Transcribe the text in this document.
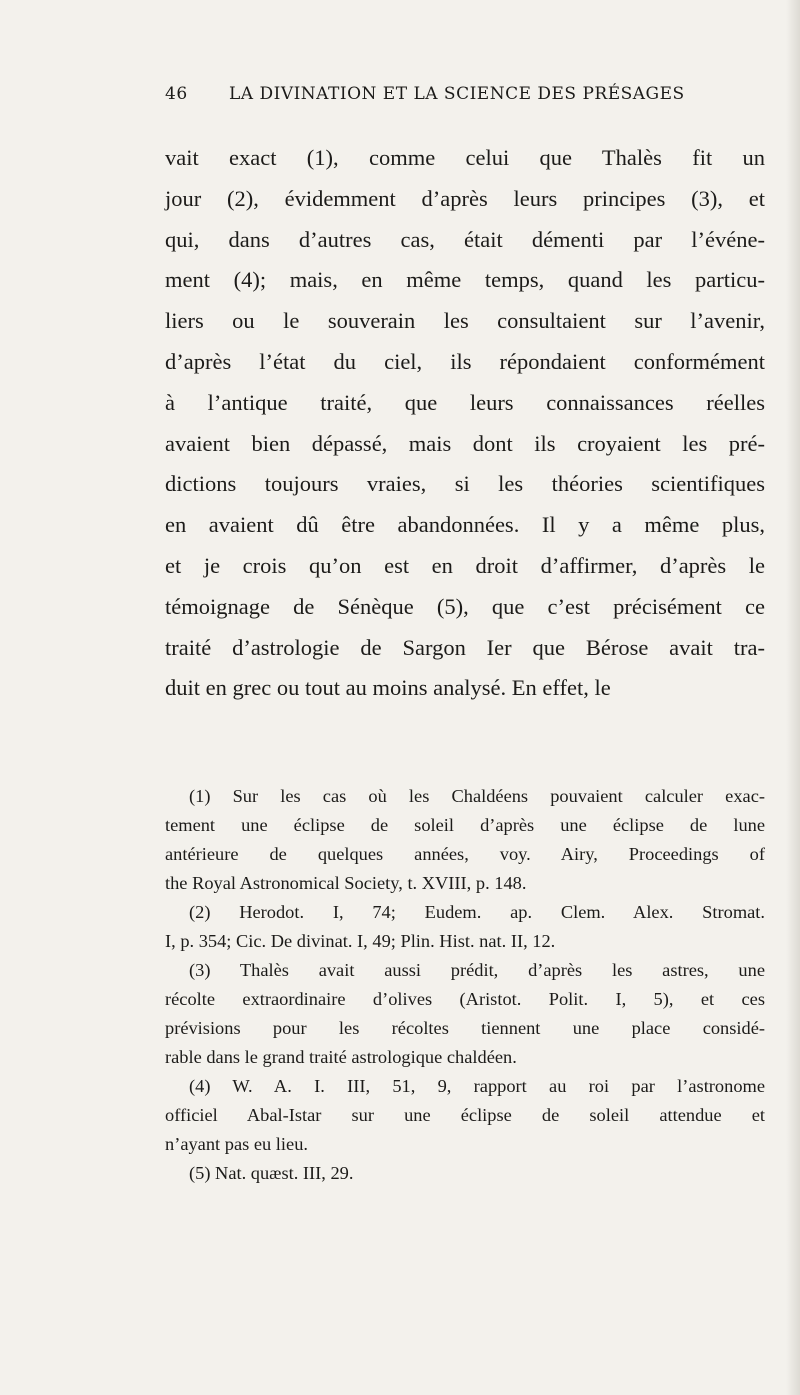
46 LA DIVINATION ET LA SCIENCE DES PRÉSAGES
vait exact (1), comme celui que Thalès fit un
jour (2), évidemment d’après leurs principes (3), et
qui, dans d’autres cas, était démenti par l’événe-
ment (4); mais, en même temps, quand les particu-
liers ou le souverain les consultaient sur l’avenir,
d’après l’état du ciel, ils répondaient conformément
à l’antique traité, que leurs connaissances réelles
avaient bien dépassé, mais dont ils croyaient les pré-
dictions toujours vraies, si les théories scientifiques
en avaient dû être abandonnées. Il y a même plus,
et je crois qu’on est en droit d’affirmer, d’après le
témoignage de Sénèque (5), que c’est précisément ce
traité d’astrologie de Sargon Ier que Bérose avait tra-
duit en grec ou tout au moins analysé. En effet, le
(1) Sur les cas où les Chaldéens pouvaient calculer exac-
tement une éclipse de soleil d’après une éclipse de lune
antérieure de quelques années, voy. Airy, Proceedings of
the Royal Astronomical Society, t. XVIII, p. 148.
(2) Herodot. I, 74; Eudem. ap. Clem. Alex. Stromat.
I, p. 354; Cic. De divinat. I, 49; Plin. Hist. nat. II, 12.
(3) Thalès avait aussi prédit, d’après les astres, une
récolte extraordinaire d’olives (Aristot. Polit. I, 5), et ces
prévisions pour les récoltes tiennent une place considé-
rable dans le grand traité astrologique chaldéen.
(4) W. A. I. III, 51, 9, rapport au roi par l’astronome
officiel Abal-Istar sur une éclipse de soleil attendue et
n’ayant pas eu lieu.
(5) Nat. quæst. III, 29.
